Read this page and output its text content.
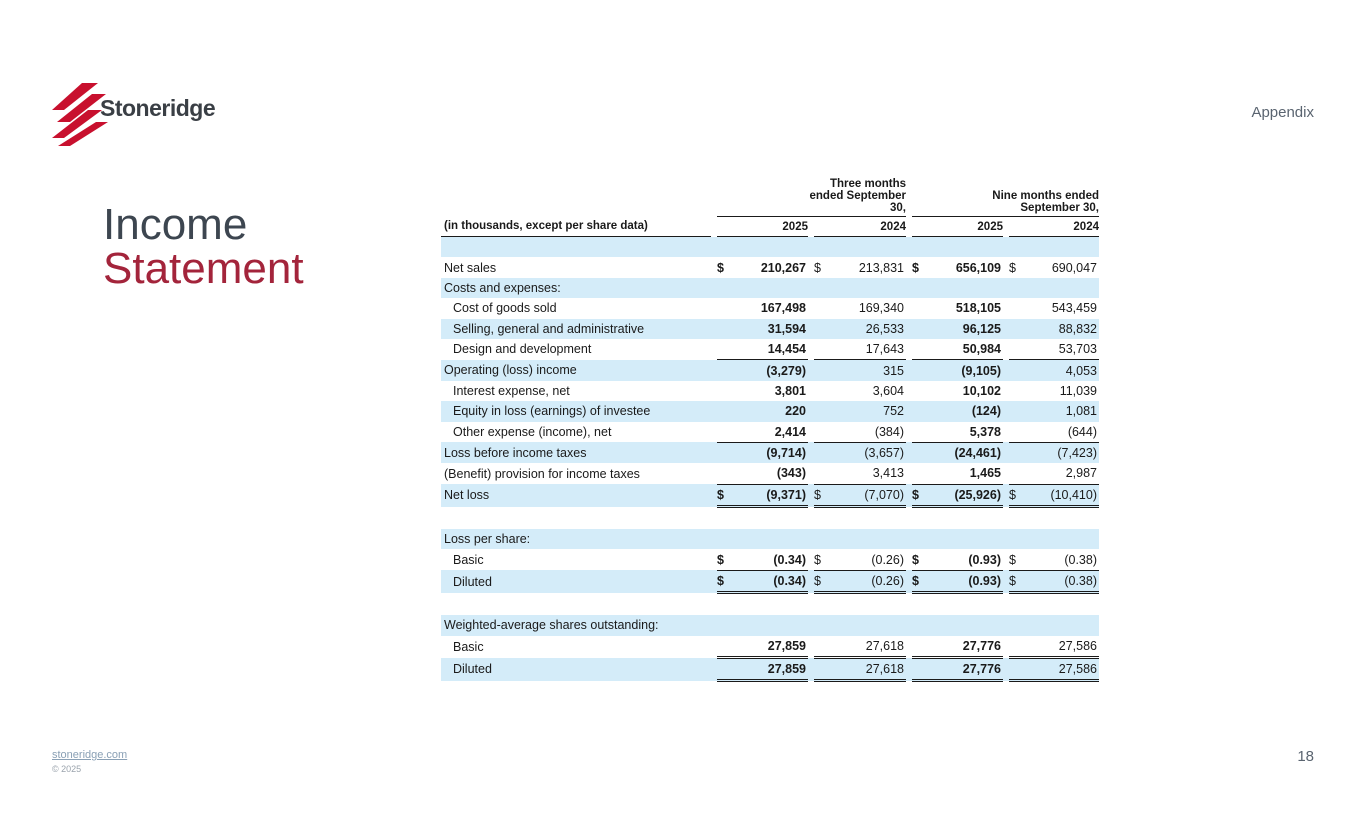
Stoneridge	Appendix
Income
Statement
		Three months ended September 30,						Nine months ended September 30,				
(in thousands, except per share data)		2025			2024			2025			2024	

Net sales		$	210,267		$	213,831		$	656,109		$	690,047
Costs and expenses:												
Cost of goods sold			167,498			169,340			518,105			543,459
Selling, general and administrative			31,594			26,533			96,125			88,832
Design and development			14,454			17,643			50,984			53,703
Operating (loss) income			(3,279)			315			(9,105)			4,053
Interest expense, net			3,801			3,604			10,102			11,039
Equity in loss (earnings) of investee			220			752			(124)			1,081
Other expense (income), net			2,414			(384)			5,378			(644)
Loss before income taxes			(9,714)			(3,657)			(24,461)			(7,423)
(Benefit) provision for income taxes			(343)			3,413			1,465			2,987
Net loss		$	(9,371)		$	(7,070)		$	(25,926)		$	(10,410)

Loss per share:												
Basic		$	(0.34)		$	(0.26)		$	(0.93)		$	(0.38)
Diluted		$	(0.34)		$	(0.26)		$	(0.93)		$	(0.38)

Weighted-average shares outstanding:												
Basic			27,859			27,618			27,776			27,586
Diluted			27,859			27,618			27,776			27,586
stoneridge.com
© 2025
18
